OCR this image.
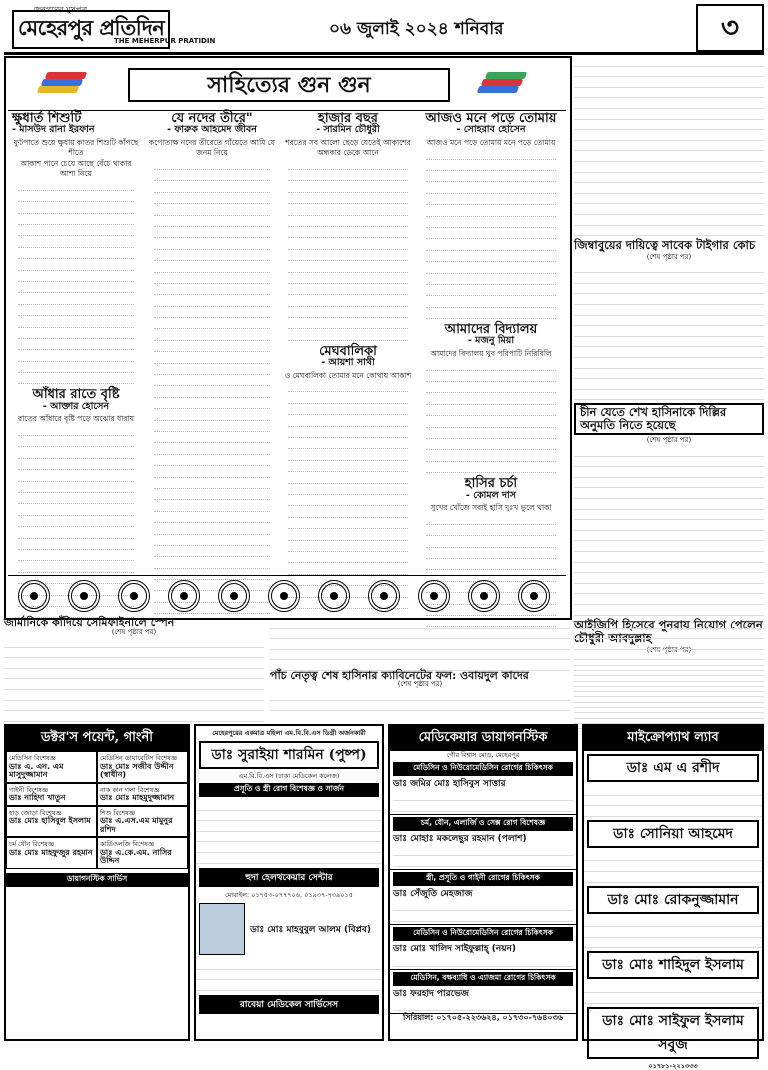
জনগণের মুখপত্র
মেহেরপুর প্রতিদিন
THE MEHERPUR PRATIDIN
০৬ জুলাই ২০২৪ শনিবার	৩
সাহিত্যের গুন গুন
ক্ষুধার্ত শিশুটি
- মাসউদ রানা ইরফান
ফুটপাতে শুয়ে ক্ষুধায় কাতর শিশুটি কাঁপছে শীতে
আকাশ পানে চেয়ে আছে বেঁচে থাকার আশা নিয়ে
আঁধার রাতে বৃষ্টি
- আক্তার হোসেন
রাতের আঁধারে বৃষ্টি পড়ে অঝোর ধারায়
যে নদের তীরে"
- ফারুক আহমেদ জীবন
কপোতাক্ষ নদের তীরেতে গাঁয়েতে আমি যে জনম নিয়ে
হাজার বছর
- সারমিন চৌধুরী
শরতের সব আলো ছেড়ে যেতেই আকাশের অন্ধকার ডেকে আনে
মেঘবালিকা
- আয়শা সাথী
ও মেঘবালিকা তোমার মনে কোথায় আকাশ
আজও মনে পড়ে তোমায়
- সোহরাব হোসেন
আজও মনে পড়ে তোমায় মনে পড়ে তোমায়
আমাদের বিদ্যালয়
- মজনু মিয়া
আমাদের বিদ্যালয় খুব পরিপাটি নিরিবিলি
হাসির চর্চা
- কোমল দাস
সুখের খোঁজে সবাই হাসি দুঃখ ভুলে থাকা
জিম্বাবুয়ের দায়িত্বে সাবেক টাইগার কোচ
(শেষ পৃষ্ঠার পর)
চীন যেতে শেখ হাসিনাকে দিল্লির অনুমতি নিতে হয়েছে
(শেষ পৃষ্ঠার পর)
আইজিপি হিসেবে পুনরায় নিয়োগ পেলেন চৌধুরী আবদুল্লাহ
(শেষ পৃষ্ঠার পর)
জার্মানিকে কাঁদিয়ে সেমিফাইনালে স্পেন
(শেষ পৃষ্ঠার পর)
পাঁচ নেতৃত্ব শেষ হাসিনার ক্যাবিনেটের ফল: ওবায়দুল কাদের
(শেষ পৃষ্ঠার পর)
ডক্টর'স পয়েন্ট, গাংনী
মেডিসিন বিশেষজ্ঞ
ডাঃ এ. এন. এম মাসুদুজ্জামান
মেডিসিন ডায়াবেটিস বিশেষজ্ঞ
ডাঃ মোঃ সজীব উদ্দীন (স্বাধীন)
গাইনী বিশেষজ্ঞ
ডাঃ নাহিদা খাতুন
নাক কান গলা বিশেষজ্ঞ
ডাঃ মোঃ মাহমুদুজ্জামান
হাড় জোড়া বিশেষজ্ঞ
ডাঃ মোঃ হাসিবুল ইসলাম
শিশু বিশেষজ্ঞ
ডাঃ এ.এস.এম মামুনুর রশিদ
চর্ম যৌন বিশেষজ্ঞ
ডাঃ মোঃ মাহফুজুর রহমান
কার্ডিওলজি বিশেষজ্ঞ
ডাঃ এ.কে.এম. নাসির উদ্দিন
ডায়াগনস্টিক সার্ভিস
মেহেরপুরের একমাত্র মহিলা এম.বি.বি.এস ডিগ্রী অর্জনকারী
ডাঃ সুরাইয়া শারমিন (পুষ্প)
এম.বি.বি.এস (ঢাকা মেডিকেল কলেজ)
প্রসূতি ও স্ত্রী রোগ বিশেষজ্ঞ ও সার্জন
হুদা হেলথকেয়ার সেন্টার
মোবাইল: ০১৭৫৩-০৭৭৭০৬, ০১৯৩৭-৭৩৯০১৫
ডাঃ মোঃ মাহবুবুল আলম (বিপ্লব)
রাবেয়া মেডিকেল সার্ভিসেস
মেডিকেয়ার ডায়াগনস্টিক
গৌর বিশ্বাস মোড়, মেহেরপুর
মেডিসিন ও নিউরোমেডিসিন রোগের চিকিৎসক
ডাঃ জমির মোঃ হাসিবুস সাত্তার
চর্ম, যৌন, এলার্জি ও সেক্স রোগ বিশেষজ্ঞ
ডাঃ মোহাঃ মকলেছুর রহমান (পলাশ)
স্ত্রী, প্রসূতি ও গাইনী রোগের চিকিৎসক
ডাঃ সেঁজুতি মেহজাজ
মেডিসিন ও নিউরোমেডিসিন রোগের চিকিৎসক
ডাঃ মোঃ খালিদ সাইফুল্লাহ্ (নয়ন)
মেডিসিন, বক্ষব্যাধি ও এ্যাজমা রোগের চিকিৎসক
ডাঃ ফরহাদ পারভেজ
সিরিয়াল: ০১৭০৫-২২৩৬২৪, ০১৭৩০-৭৬৪০৩৬
মাইক্রোপ্যাথ ল্যাব
ডাঃ এম এ রশীদ
ডাঃ সোনিয়া আহমেদ
ডাঃ মোঃ রোকনুজ্জামান
ডাঃ মোঃ শাহিদুল ইসলাম
ডাঃ মোঃ সাইফুল ইসলাম সবুজ
০১৭৮১-২২১৩৩৩
